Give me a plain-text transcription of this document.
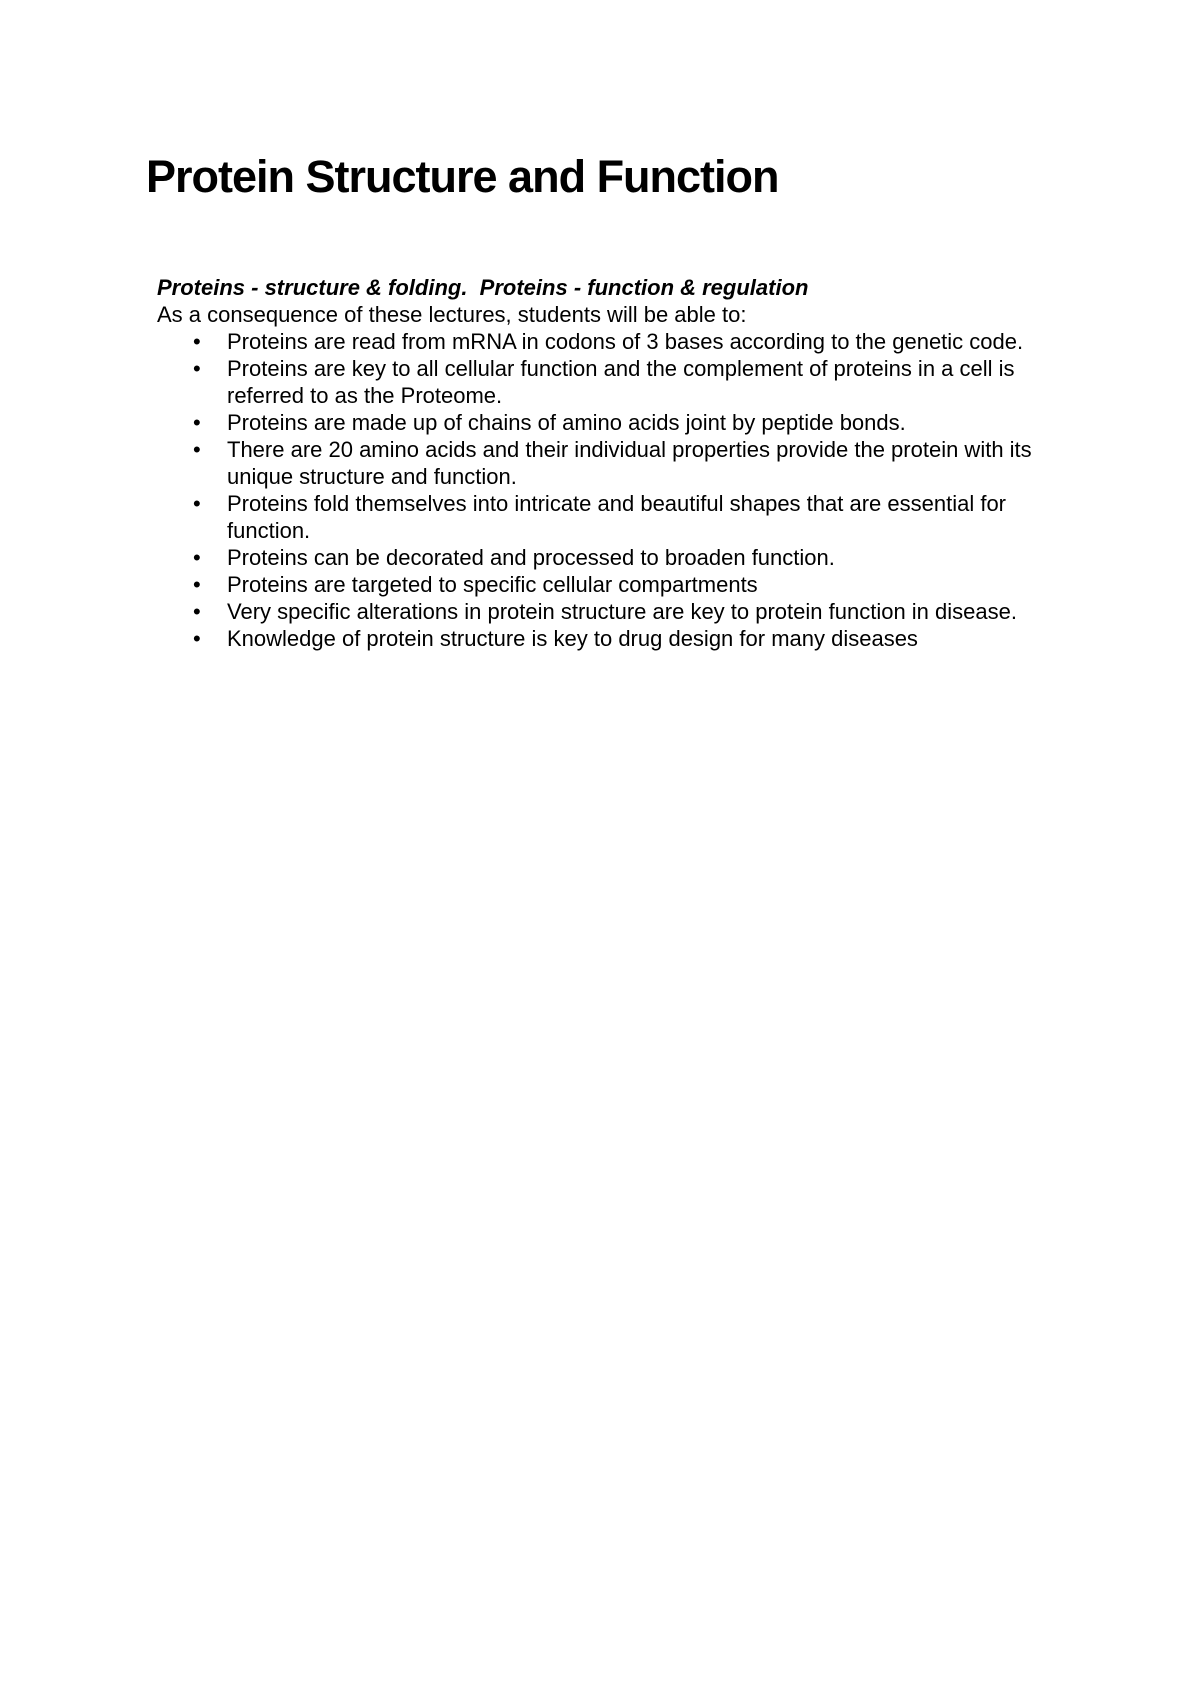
Protein Structure and Function

Proteins - structure & folding.  Proteins - function & regulation

As a consequence of these lectures, students will be able to:

• Proteins are read from mRNA in codons of 3 bases according to the genetic code.
• Proteins are key to all cellular function and the complement of proteins in a cell is referred to as the Proteome.
• Proteins are made up of chains of amino acids joint by peptide bonds.
• There are 20 amino acids and their individual properties provide the protein with its unique structure and function.
• Proteins fold themselves into intricate and beautiful shapes that are essential for function.
• Proteins can be decorated and processed to broaden function.
• Proteins are targeted to specific cellular compartments
• Very specific alterations in protein structure are key to protein function in disease.
• Knowledge of protein structure is key to drug design for many diseases
